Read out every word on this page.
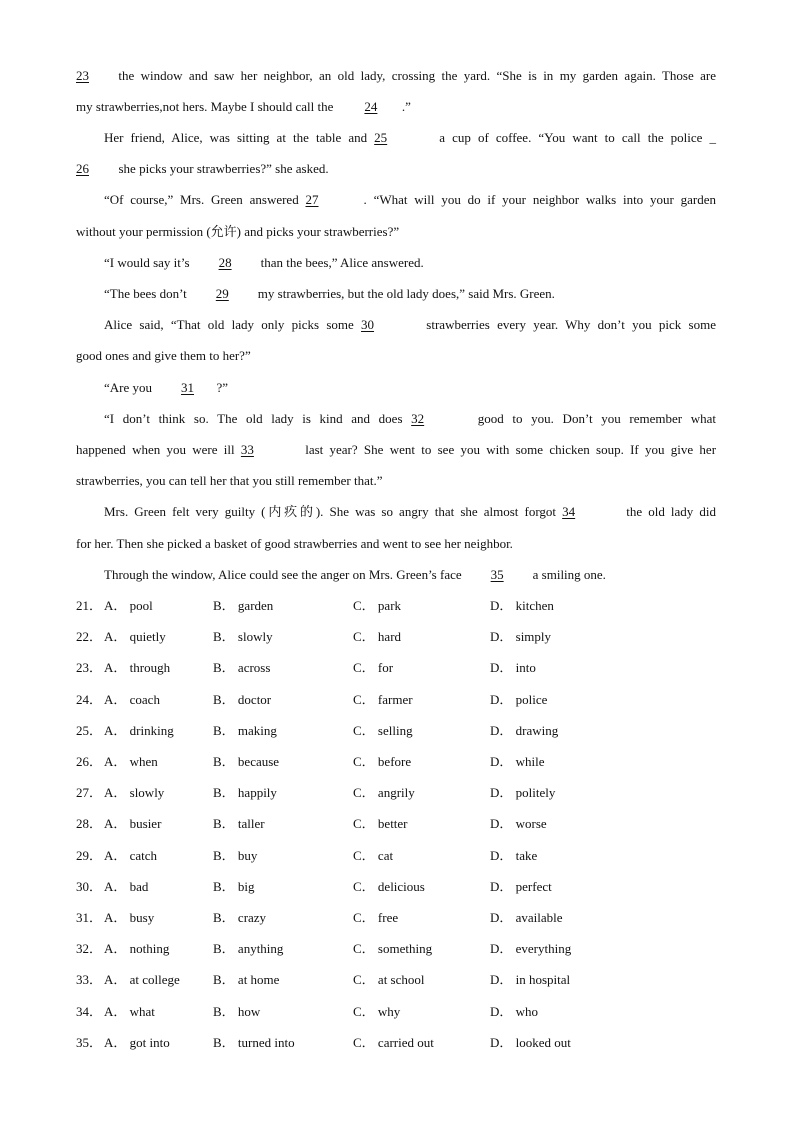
23 the window and saw her neighbor, an old lady, crossing the yard. “She is in my garden again. Those are
my strawberries,not hers. Maybe I should call the 24 .”
Her friend, Alice, was sitting at the table and 25	a cup of coffee. “You want to call the police _
26 she picks your strawberries?” she asked.
“Of course,” Mrs. Green answered 27	. “What will you do if your neighbor walks into your garden
without your permission (允许) and picks your strawberries?”
“I would say it’s 28 than the bees,” Alice answered.
“The bees don’t 29 my strawberries, but the old lady does,” said Mrs. Green.
Alice said, “That old lady only picks some 30	strawberries every year. Why don’t you pick some
good ones and give them to her?”
“Are you 31 ?”
“I don’t think so. The old lady is kind and does 32	good to you. Don’t you remember what
happened when you were ill 33	last year? She went to see you with some chicken soup. If you give her
strawberries, you can tell her that you still remember that.”
Mrs. Green felt very guilty (内疚的). She was so angry that she almost forgot 34	the old lady did
for her. Then she picked a basket of good strawberries and went to see her neighbor.
Through the window, Alice could see the anger on Mrs. Green’s face 35 a smiling one.
21． A． pool	B． garden	C． park	D． kitchen
22． A． quietly	B． slowly	C． hard	D． simply
23． A． through	B． across	C． for	D． into
24． A． coach	B． doctor	C． farmer	D． police
25． A． drinking	B． making	C． selling	D． drawing
26． A． when	B． because	C． before	D． while
27． A． slowly	B． happily	C． angrily	D． politely
28． A． busier	B． taller	C． better	D． worse
29． A． catch	B． buy	C． cat	D． take
30． A． bad	B． big	C． delicious	D． perfect
31． A． busy	B． crazy	C． free	D． available
32． A． nothing	B． anything	C． something	D． everything
33． A． at college	B． at home	C． at school	D． in hospital
34． A． what	B． how	C． why	D． who
35． A． got into	B． turned into	C． carried out	D． looked out
